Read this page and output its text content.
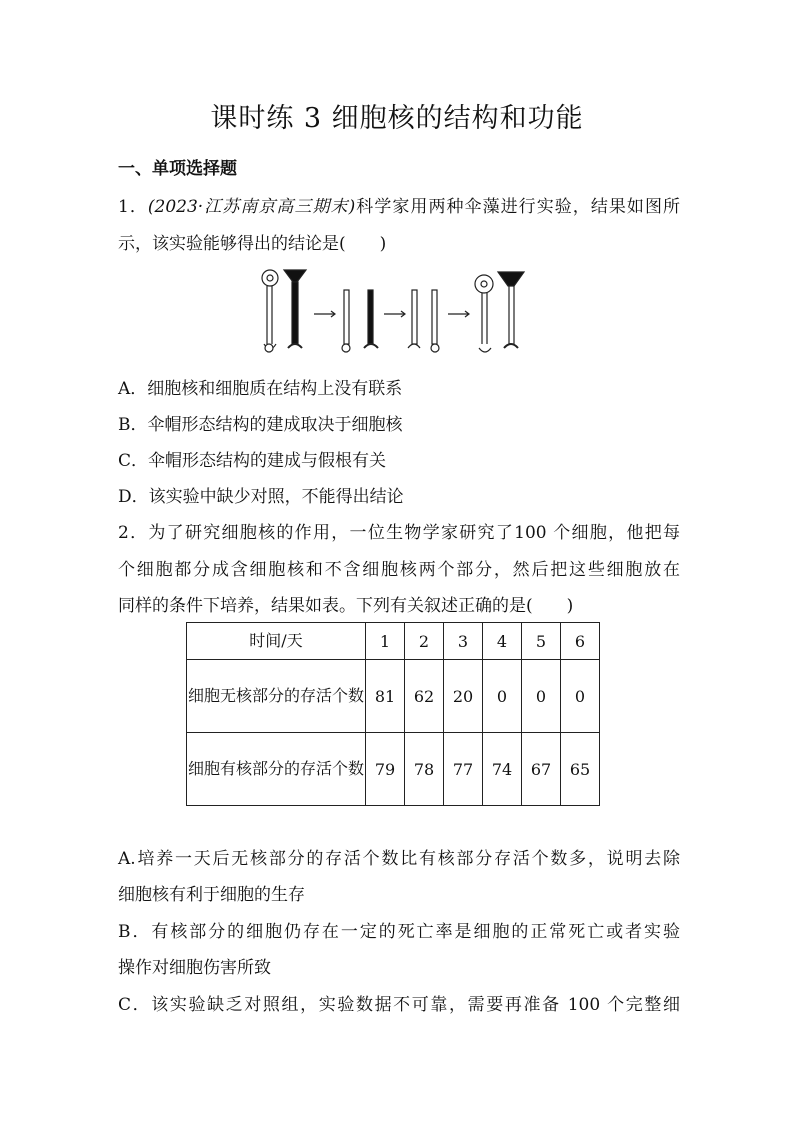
课时练 3 细胞核的结构和功能
一、单项选择题
1．(2023·江苏南京高三期末)科学家用两种伞藻进行实验，结果如图所
示，该实验能够得出的结论是(　　)
A．细胞核和细胞质在结构上没有联系
B．伞帽形态结构的建成取决于细胞核
C．伞帽形态结构的建成与假根有关
D．该实验中缺少对照，不能得出结论
2．为了研究细胞核的作用，一位生物学家研究了100 个细胞，他把每
个细胞都分成含细胞核和不含细胞核两个部分，然后把这些细胞放在
同样的条件下培养，结果如表。下列有关叙述正确的是(　　)
时间/天	1	2	3	4	5	6
细胞无核部分的存活个数	81	62	20	0	0	0
细胞有核部分的存活个数	79	78	77	74	67	65
A.培养一天后无核部分的存活个数比有核部分存活个数多，说明去除
细胞核有利于细胞的生存
B．有核部分的细胞仍存在一定的死亡率是细胞的正常死亡或者实验
操作对细胞伤害所致
C．该实验缺乏对照组，实验数据不可靠，需要再准备 100 个完整细
